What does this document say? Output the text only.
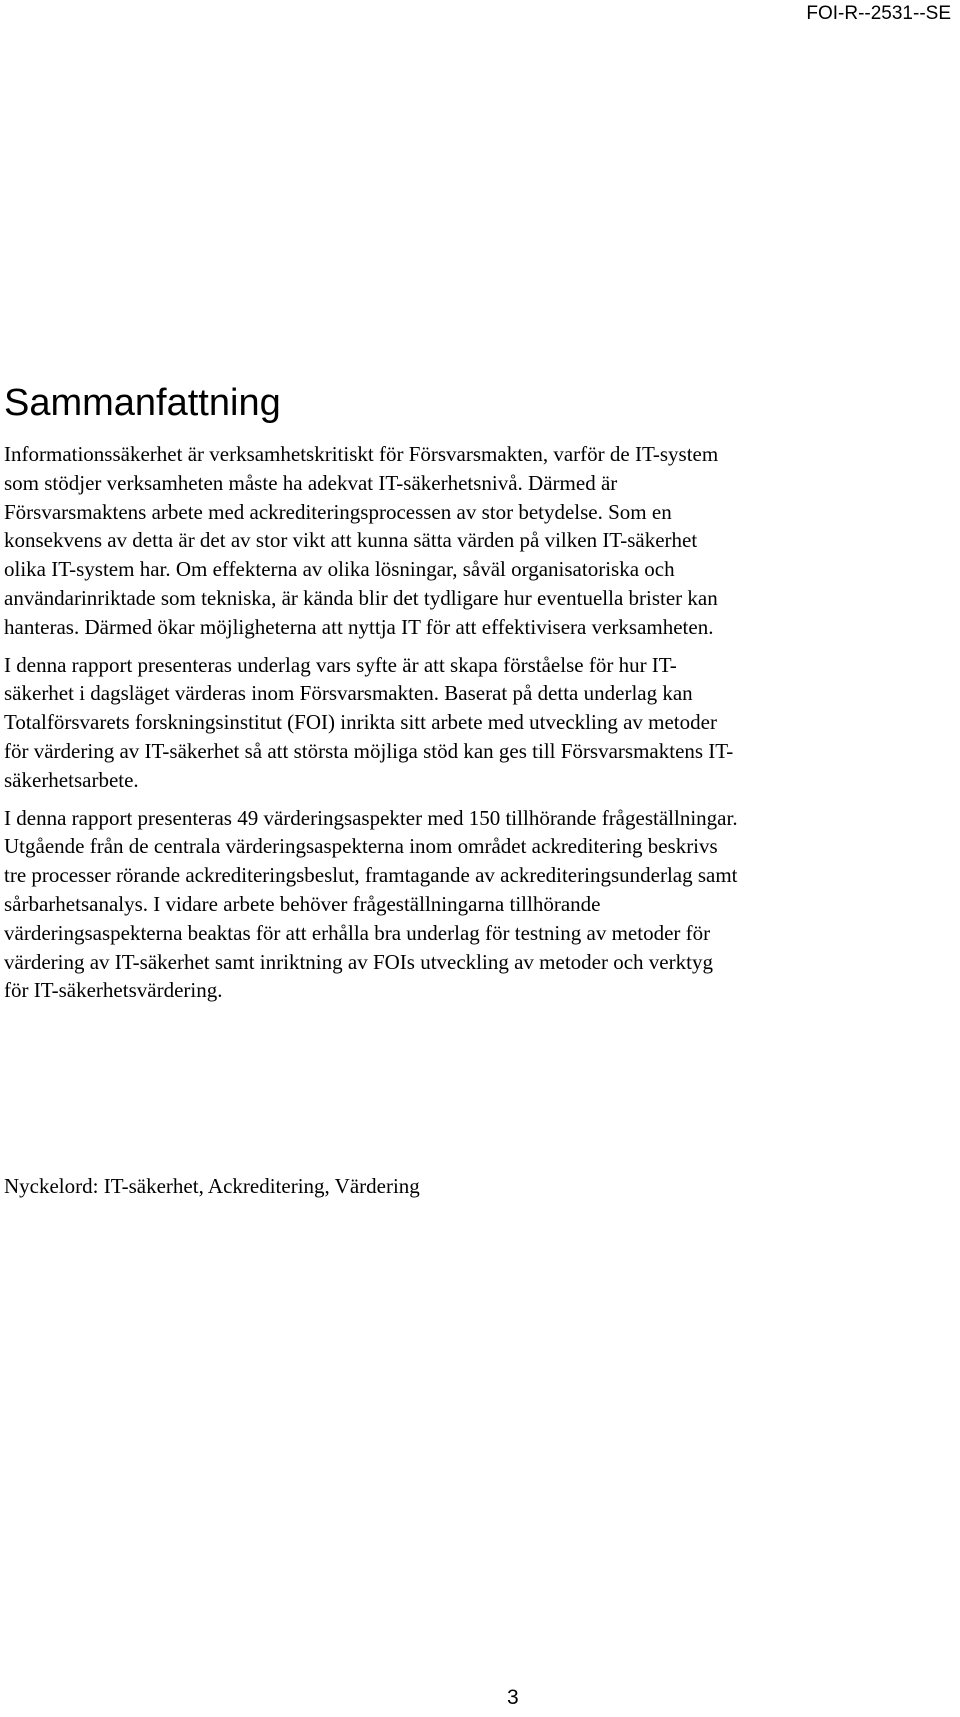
FOI-R--2531--SE
Sammanfattning

Informationssäkerhet är verksamhetskritiskt för Försvarsmakten, varför de IT-system
som stödjer verksamheten måste ha adekvat IT-säkerhetsnivå. Därmed är
Försvarsmaktens arbete med ackrediteringsprocessen av stor betydelse. Som en
konsekvens av detta är det av stor vikt att kunna sätta värden på vilken IT-säkerhet
olika IT-system har. Om effekterna av olika lösningar, såväl organisatoriska och
användarinriktade som tekniska, är kända blir det tydligare hur eventuella brister kan
hanteras. Därmed ökar möjligheterna att nyttja IT för att effektivisera verksamheten.

I denna rapport presenteras underlag vars syfte är att skapa förståelse för hur IT-
säkerhet i dagsläget värderas inom Försvarsmakten. Baserat på detta underlag kan
Totalförsvarets forskningsinstitut (FOI) inrikta sitt arbete med utveckling av metoder
för värdering av IT-säkerhet så att största möjliga stöd kan ges till Försvarsmaktens IT-
säkerhetsarbete.

I denna rapport presenteras 49 värderingsaspekter med 150 tillhörande frågeställningar.
Utgående från de centrala värderingsaspekterna inom området ackreditering beskrivs
tre processer rörande ackrediteringsbeslut, framtagande av ackrediteringsunderlag samt
sårbarhetsanalys. I vidare arbete behöver frågeställningarna tillhörande
värderingsaspekterna beaktas för att erhålla bra underlag för testning av metoder för
värdering av IT-säkerhet samt inriktning av FOIs utveckling av metoder och verktyg
för IT-säkerhetsvärdering.

Nyckelord: IT-säkerhet, Ackreditering, Värdering
3
